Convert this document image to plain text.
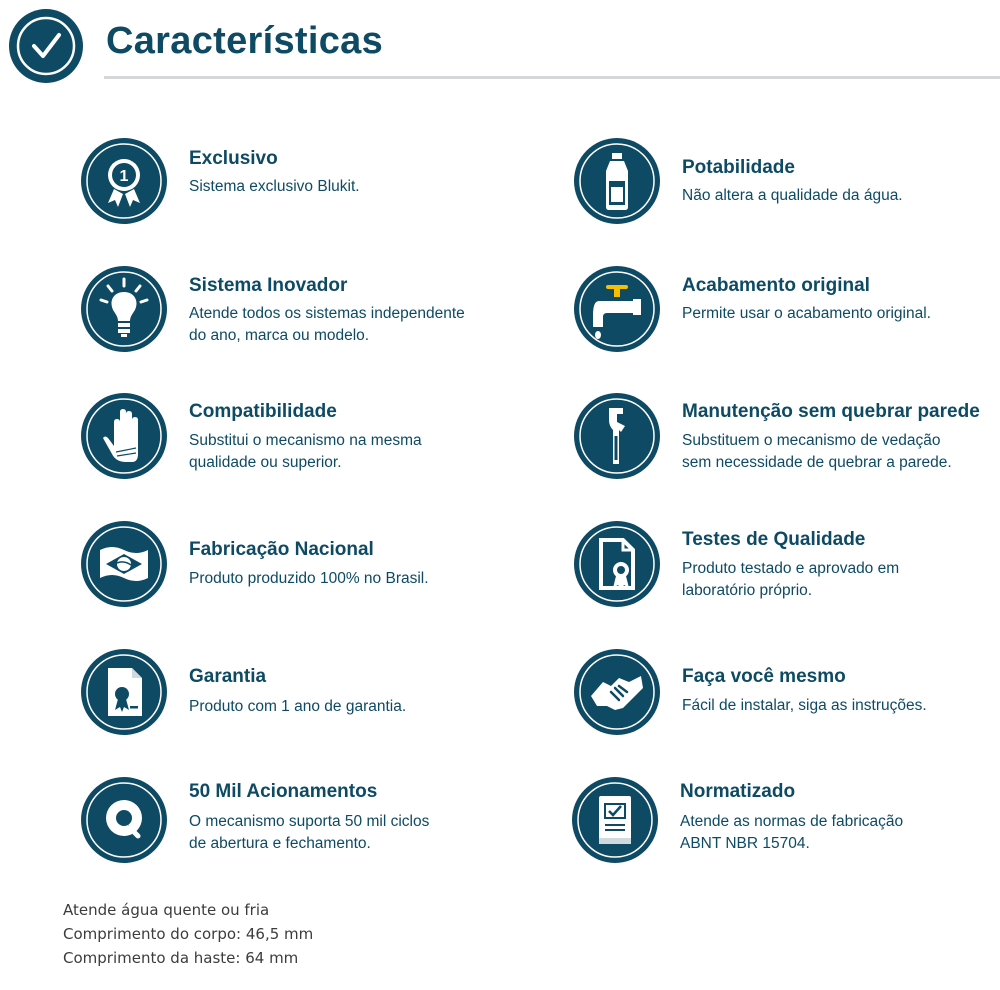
Características
1
Exclusivo
Sistema exclusivo Blukit.
Potabilidade
Não altera a qualidade da água.
Sistema Inovador
Atende todos os sistemas independente
do ano, marca ou modelo.
Acabamento original
Permite usar o acabamento original.
Compatibilidade
Substitui o mecanismo na mesma
qualidade ou superior.
Manutenção sem quebrar parede
Substituem o mecanismo de vedação
sem necessidade de quebrar a parede.
Fabricação Nacional
Produto produzido 100% no Brasil.
Testes de Qualidade
Produto testado e aprovado em
laboratório próprio.
Garantia
Produto com 1 ano de garantia.
Faça você mesmo
Fácil de instalar, siga as instruções.
50 Mil Acionamentos
O mecanismo suporta 50 mil ciclos
de abertura e fechamento.
Normatizado
Atende as normas de fabricação
ABNT NBR 15704.
Atende água quente ou fria
Comprimento do corpo: 46,5 mm
Comprimento da haste: 64 mm
